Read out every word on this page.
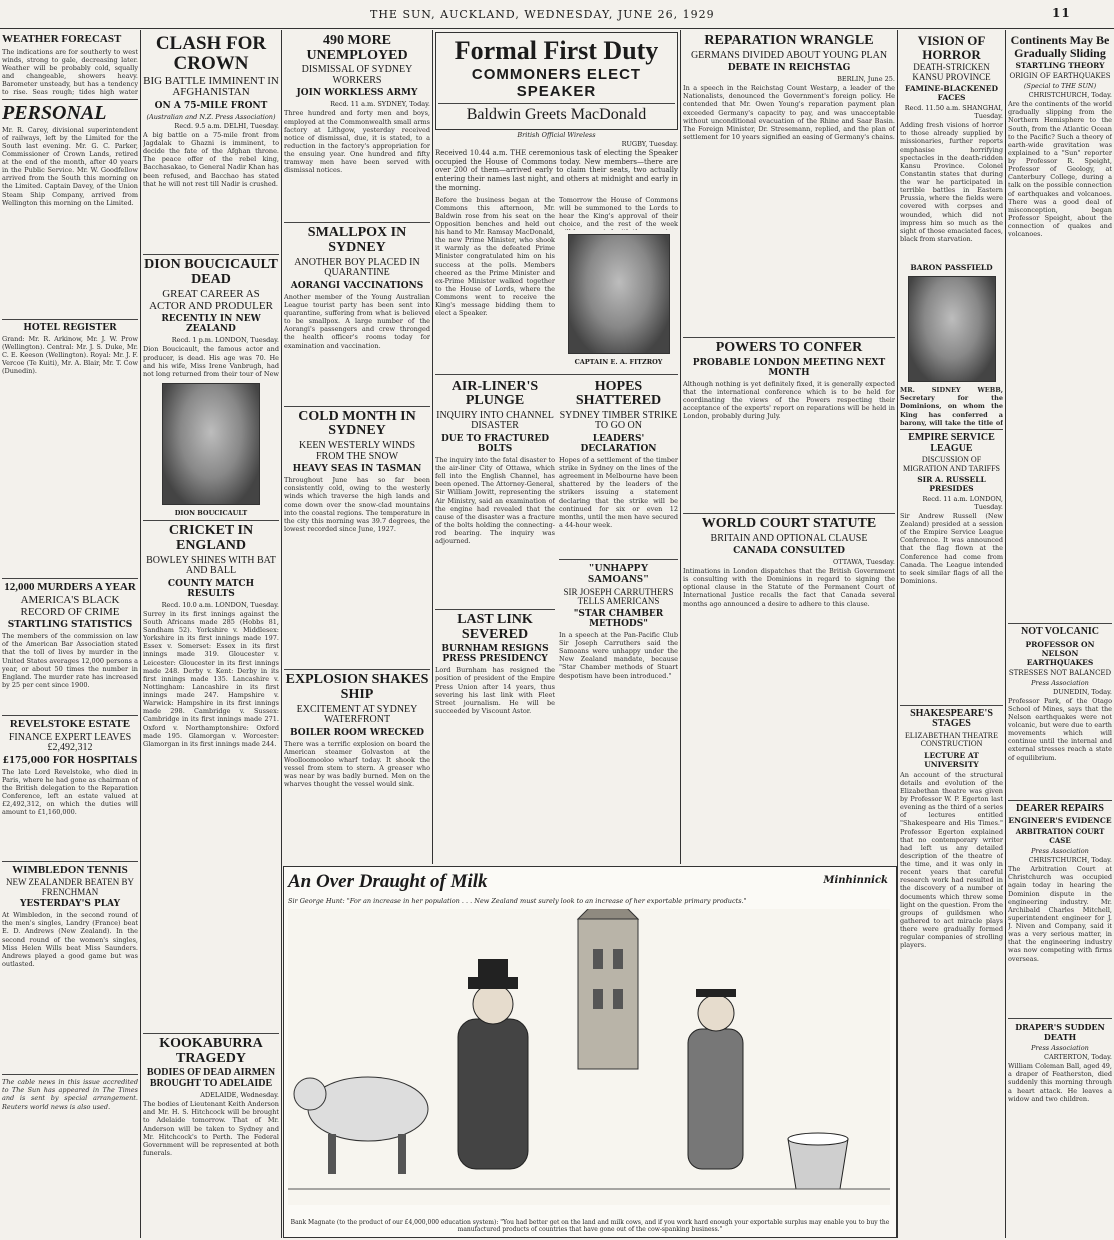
THE SUN, AUCKLAND, WEDNESDAY, JUNE 26, 1929	11
WEATHER FORECAST
The indications are for southerly to west winds, strong to gale, decreasing later. Weather will be probably cold, squally and changeable, showers heavy. Barometer unsteady, but has a tendency to rise. Seas rough; tides high water
PERSONAL
Mr. R. Carey, divisional superintendent of railways, left by the Limited for the South last evening. Mr. G. C. Parker, Commissioner of Crown Lands, retired at the end of the month, after 40 years in the Public Service. Mr. W. Goodfellow arrived from the South this morning on the Limited. Captain Davey, of the Union Steam Ship Company, arrived from Wellington this morning on the Limited.
HOTEL REGISTER
Grand: Mr. R. Arkinow, Mr. J. W. Prow (Wellington). Central: Mr. J. S. Duke, Mr. C. E. Keeson (Wellington). Royal: Mr. J. F. Vercoe (Te Kuiti), Mr. A. Blair, Mr. T. Cow (Dunedin).
12,000 MURDERS A YEAR
AMERICA'S BLACK RECORD OF CRIME
STARTLING STATISTICS
The members of the commission on law of the American Bar Association stated that the toll of lives by murder in the United States averages 12,000 persons a year, or about 50 times the number in England. The murder rate has increased by 25 per cent since 1900.
REVELSTOKE ESTATE
FINANCE EXPERT LEAVES £2,492,312
£175,000 FOR HOSPITALS
The late Lord Revelstoke, who died in Paris, where he had gone as chairman of the British delegation to the Reparation Conference, left an estate valued at £2,492,312, on which the duties will amount to £1,160,000.
WIMBLEDON TENNIS
NEW ZEALANDER BEATEN BY FRENCHMAN
YESTERDAY'S PLAY
At Wimbledon, in the second round of the men's singles, Landry (France) beat E. D. Andrews (New Zealand). In the second round of the women's singles, Miss Helen Wills beat Miss Saunders. Andrews played a good game but was outlasted.
The cable news in this issue accredited to The Sun has appeared in The Times and is sent by special arrangement. Reuters world news is also used.
CLASH FOR CROWN
BIG BATTLE IMMINENT IN AFGHANISTAN
ON A 75-MILE FRONT
(Australian and N.Z. Press Association)
Recd. 9.5 a.m. DELHI, Tuesday.
A big battle on a 75-mile front from Jagdalak to Ghazni is imminent, to decide the fate of the Afghan throne. The peace offer of the rebel king, Bacchasakao, to General Nadir Khan has been refused, and Bacchao has stated that he will not rest till Nadir is crushed.
DION BOUCICAULT DEAD
GREAT CAREER AS ACTOR AND PRODULER
RECENTLY IN NEW ZEALAND
Recd. 1 p.m. LONDON, Tuesday.
Dion Boucicault, the famous actor and producer, is dead. His age was 70. He and his wife, Miss Irene Vanbrugh, had not long returned from their tour of New
DION BOUCICAULT
CRICKET IN ENGLAND
BOWLEY SHINES WITH BAT AND BALL
COUNTY MATCH RESULTS
Recd. 10.0 a.m. LONDON, Tuesday.
Surrey in its first innings against the South Africans made 285 (Hobbs 81, Sandham 52). Yorkshire v. Middlesex: Yorkshire in its first innings made 197. Essex v. Somerset: Essex in its first innings made 319. Gloucester v. Leicester: Gloucester in its first innings made 248. Derby v. Kent: Derby in its first innings made 135. Lancashire v. Nottingham: Lancashire in its first innings made 247. Hampshire v. Warwick: Hampshire in its first innings made 298. Cambridge v. Sussex: Cambridge in its first innings made 271. Oxford v. Northamptonshire: Oxford made 195. Glamorgan v. Worcester: Glamorgan in its first innings made 244.
KOOKABURRA TRAGEDY
BODIES OF DEAD AIRMEN BROUGHT TO ADELAIDE
ADELAIDE, Wednesday.
The bodies of Lieutenant Keith Anderson and Mr. H. S. Hitchcock will be brought to Adelaide tomorrow. That of Mr. Anderson will be taken to Sydney and Mr. Hitchcock's to Perth. The Federal Government will be represented at both funerals.
490 MORE UNEMPLOYED
DISMISSAL OF SYDNEY WORKERS
JOIN WORKLESS ARMY
Recd. 11 a.m. SYDNEY, Today.
Three hundred and forty men and boys, employed at the Commonwealth small arms factory at Lithgow, yesterday received notice of dismissal, due, it is stated, to a reduction in the factory's appropriation for the ensuing year. One hundred and fifty tramway men have been served with dismissal notices.
SMALLPOX IN SYDNEY
ANOTHER BOY PLACED IN QUARANTINE
AORANGI VACCINATIONS
Another member of the Young Australian League tourist party has been sent into quarantine, suffering from what is believed to be smallpox. A large number of the Aorangi's passengers and crew thronged the health officer's rooms today for examination and vaccination.
COLD MONTH IN SYDNEY
KEEN WESTERLY WINDS FROM THE SNOW
HEAVY SEAS IN TASMAN
Throughout June has so far been consistently cold, owing to the westerly winds which traverse the high lands and come down over the snow-clad mountains into the coastal regions. The temperature in the city this morning was 39.7 degrees, the lowest recorded since June, 1927.
EXPLOSION SHAKES SHIP
EXCITEMENT AT SYDNEY WATERFRONT
BOILER ROOM WRECKED
There was a terrific explosion on board the American steamer Golvaston at the Woolloomooloo wharf today. It shook the vessel from stem to stern. A greaser who was near by was badly burned. Men on the wharves thought the vessel would sink.
Formal First Duty
COMMONERS ELECT SPEAKER
Baldwin Greets MacDonald
British Official Wireless
RUGBY, Tuesday.
Received 10.44 a.m. THE ceremonious task of electing the Speaker occupied the House of Commons today. New members—there are over 200 of them—arrived early to claim their seats, two actually entering their names last night, and others at midnight and early in the morning.
Before the business began at the Commons this afternoon, Mr. Baldwin rose from his seat on the Opposition benches and held out his hand to Mr. Ramsay MacDonald, the new Prime Minister, who shook it warmly as the defeated Prime Minister congratulated him on his success at the polls. Members cheered as the Prime Minister and ex-Prime Minister walked together to the House of Lords, where the Commons went to receive the King's message bidding them to elect a Speaker.
Tomorrow the House of Commons will be summoned to the Lords to hear the King's approval of their choice, and the rest of the week
CAPTAIN E. A. FITZROY
AIR-LINER'S PLUNGE
INQUIRY INTO CHANNEL DISASTER
DUE TO FRACTURED BOLTS
The inquiry into the fatal disaster to the air-liner City of Ottawa, which fell into the English Channel, has been opened. The Attorney-General, Sir William Jowitt, representing the Air Ministry, said an examination of the engine had revealed that the cause of the disaster was a fracture of the bolts holding the connecting-rod bearing. The inquiry was adjourned.
LAST LINK SEVERED
BURNHAM RESIGNS PRESS PRESIDENCY
Lord Burnham has resigned the position of president of the Empire Press Union after 14 years, thus severing his last link with Fleet Street journalism. He will be succeeded by Viscount Astor.
HOPES SHATTERED
SYDNEY TIMBER STRIKE TO GO ON
LEADERS' DECLARATION
Hopes of a settlement of the timber strike in Sydney on the lines of the agreement in Melbourne have been shattered by the leaders of the strikers issuing a statement declaring that the strike will be continued for six or even 12 months, until the men have secured a 44-hour week.
"UNHAPPY SAMOANS"
SIR JOSEPH CARRUTHERS TELLS AMERICANS
"STAR CHAMBER METHODS"
In a speech at the Pan-Pacific Club Sir Joseph Carruthers said the Samoans were unhappy under the New Zealand mandate, because "Star Chamber methods of Stuart despotism have been introduced."
REPARATION WRANGLE
GERMANS DIVIDED ABOUT YOUNG PLAN
DEBATE IN REICHSTAG
BERLIN, June 25.
In a speech in the Reichstag Count Westarp, a leader of the Nationalists, denounced the Government's foreign policy. He contended that Mr. Owen Young's reparation payment plan exceeded Germany's capacity to pay, and was unacceptable without unconditional evacuation of the Rhine and Saar Basin. The Foreign Minister, Dr. Stresemann, replied, and the plan of settlement for 10 years signified an easing of Germany's chains.
POWERS TO CONFER
PROBABLE LONDON MEETING NEXT MONTH
Although nothing is yet definitely fixed, it is generally expected that the international conference which is to be held for coordinating the views of the Powers respecting their acceptance of the experts' report on reparations will be held in London, probably during July.
WORLD COURT STATUTE
BRITAIN AND OPTIONAL CLAUSE
CANADA CONSULTED
OTTAWA, Tuesday.
Intimations in London dispatches that the British Government is consulting with the Dominions in regard to signing the optional clause in the Statute of the Permanent Court of International Justice recalls the fact that Canada several months ago announced a desire to adhere to this clause.
An Over Draught of Milk	Minhinnick
Sir George Hunt: "For an increase in her population . . . New Zealand must surely look to an increase of her exportable primary products."
Bank Magnate (to the product of our £4,000,000 education system): "You had better get on the land and milk cows, and if you work hard enough your exportable surplus may enable you to buy the manufactured products of countries that have gone out of the cow-spanking business."
VISION OF HORROR
DEATH-STRICKEN KANSU PROVINCE
FAMINE-BLACKENED FACES
Recd. 11.50 a.m. SHANGHAI, Tuesday.
Adding fresh visions of horror to those already supplied by missionaries, further reports emphasise horrifying spectacles in the death-ridden Kansu Province. Colonel Constantin states that during the war he participated in terrible battles in Eastern Prussia, where the fields were covered with corpses and wounded, which did not impress him so much as the sight of those emaciated faces, black from starvation.
BARON PASSFIELD
MR. SIDNEY WEBB, Secretary for the Dominions, on whom the King has conferred a barony, will take the title of
EMPIRE SERVICE LEAGUE
DISCUSSION OF MIGRATION AND TARIFFS
SIR A. RUSSELL PRESIDES
Recd. 11 a.m. LONDON, Tuesday.
Sir Andrew Russell (New Zealand) presided at a session of the Empire Service League Conference. It was announced that the flag flown at the Conference had come from Canada. The League intended to seek similar flags of all the Dominions.
SHAKESPEARE'S STAGES
ELIZABETHAN THEATRE CONSTRUCTION
LECTURE AT UNIVERSITY
An account of the structural details and evolution of the Elizabethan theatre was given by Professor W. P. Egerton last evening as the third of a series of lectures entitled "Shakespeare and His Times." Professor Egerton explained that no contemporary writer had left us any detailed description of the theatre of the time, and it was only in recent years that careful research work had resulted in the discovery of a number of documents which threw some light on the question. From the groups of guildsmen who gathered to act miracle plays there were gradually formed regular companies of strolling players.
Continents May Be Gradually Sliding
STARTLING THEORY
ORIGIN OF EARTHQUAKES
(Special to THE SUN)
CHRISTCHURCH, Today.
Are the continents of the world gradually slipping from the Northern Hemisphere to the South, from the Atlantic Ocean to the Pacific? Such a theory of earth-wide gravitation was explained to a "Sun" reporter by Professor R. Speight, Professor of Geology, at Canterbury College, during a talk on the possible connection of earthquakes and volcanoes. There was a good deal of misconception, began Professor Speight, about the connection of quakes and volcanoes.
NOT VOLCANIC
PROFESSOR ON NELSON EARTHQUAKES
STRESSES NOT BALANCED
Press Association
DUNEDIN, Today.
Professor Park, of the Otago School of Mines, says that the Nelson earthquakes were not volcanic, but were due to earth movements which will continue until the internal and external stresses reach a state of equilibrium.
DEARER REPAIRS
ENGINEER'S EVIDENCE
ARBITRATION COURT CASE
Press Association
CHRISTCHURCH, Today.
The Arbitration Court at Christchurch was occupied again today in hearing the Dominion dispute in the engineering industry. Mr. Archibald Charles Mitchell, superintendent engineer for J. J. Niven and Company, said it was a very serious matter, in that the engineering industry was now competing with firms overseas.
DRAPER'S SUDDEN DEATH
Press Association
CARTERTON, Today.
William Coleman Ball, aged 49, a draper of Featherston, died suddenly this morning through a heart attack. He leaves a widow and two children.
